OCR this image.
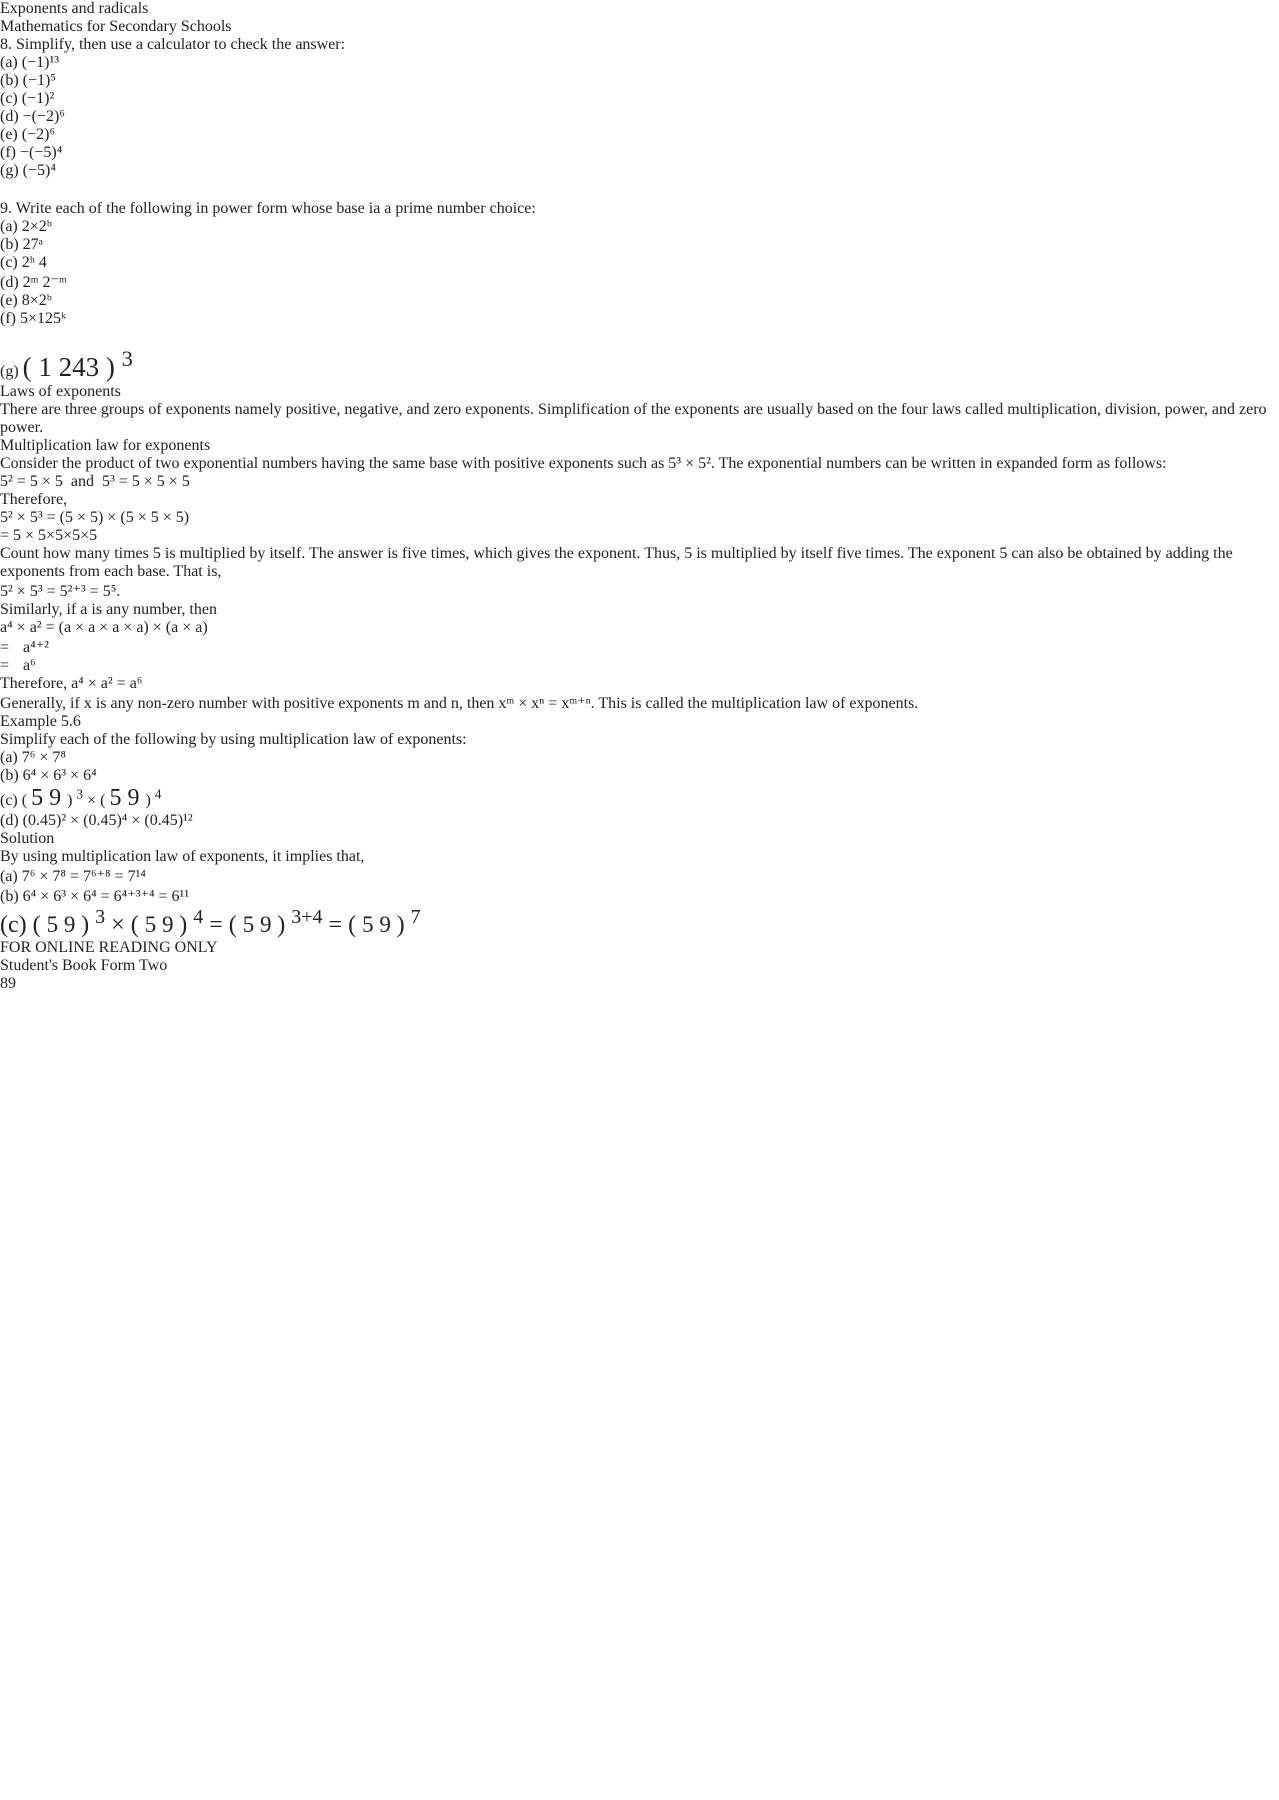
Exponents and radicals
Mathematics for Secondary Schools
8. Simplify, then use a calculator to check the answer:
(a) (−1)¹³
(b) (−1)⁵
(c) (−1)²
(d) −(−2)⁶
(e) (−2)⁶
(f) −(−5)⁴
(g) (−5)⁴
9. Write each of the following in power form whose base ia a prime number choice:
(a) 2×2ᵇ
(b) 27ᵃ
(c) 2ʰ 4
(d) 2ᵐ 2⁻ᵐ
(e) 8×2ᵇ
(f) 5×125ᵏ
(g) ( 1 243 ) $^3$
Laws of exponents
There are three groups of exponents namely positive, negative, and zero exponents. Simplification of the exponents are usually based on the four laws called multiplication, division, power, and zero power.
Multiplication law for exponents
Consider the product of two exponential numbers having the same base with positive exponents such as 5³ × 5². The exponential numbers can be written in expanded form as follows:
5² = 5 × 5  and  5³ = 5 × 5 × 5
Therefore,
5² × 5³ = (5 × 5) × (5 × 5 × 5)
= 5 × 5×5×5×5
Count how many times 5 is multiplied by itself. The answer is five times, which gives the exponent. Thus, 5 is multiplied by itself five times. The exponent 5 can also be obtained by adding the exponents from each base. That is,
5² × 5³ = 5²⁺³ = 5⁵.
Similarly, if a is any number, then
a⁴ × a² = (a × a × a × a) × (a × a)
= a⁴⁺²
= a⁶
Therefore, a⁴ × a² = a⁶
Generally, if x is any non-zero number with positive exponents m and n, then xᵐ × xⁿ = xᵐ⁺ⁿ. This is called the multiplication law of exponents.
Example 5.6
Simplify each of the following by using multiplication law of exponents:
(a) 7⁶ × 7⁸
(b) 6⁴ × 6³ × 6⁴
(c) ( 5 9 ) $^3$ × ( 5 9 ) $^4$
(d) (0.45)² × (0.45)⁴ × (0.45)¹²
Solution
By using multiplication law of exponents, it implies that,
(a) 7⁶ × 7⁸ = 7⁶⁺⁸ = 7¹⁴
(b) 6⁴ × 6³ × 6⁴ = 6⁴⁺³⁺⁴ = 6¹¹
(c) ( 5 9 ) $^3$ × ( 5 9 ) $^4$ = ( 5 9 ) $^{3+4}$ = ( 5 9 ) $^7$
FOR ONLINE READING ONLY
Student's Book Form Two
89
